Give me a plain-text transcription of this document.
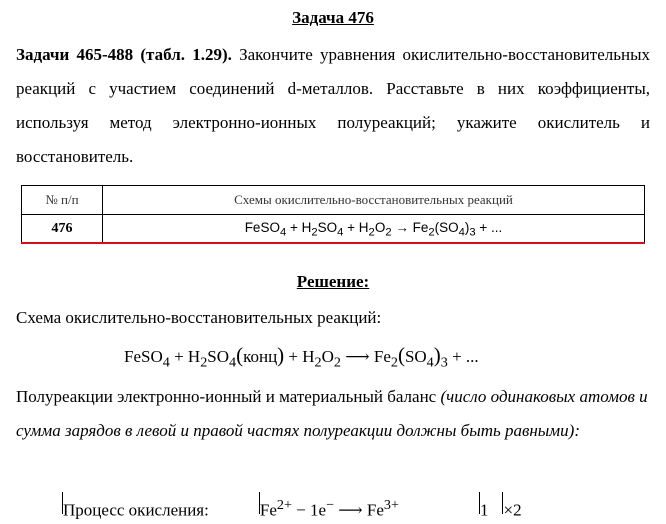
Задача 476
Задачи 465-488 (табл. 1.29). Закончите уравнения окислительно-восстановительных реакций с участием соединений d-металлов. Расставьте в них коэффициенты, используя метод электронно-ионных полуреакций; укажите окислитель и восстановитель.
№ п/п	Схемы окислительно-восстановительных реакций
476	FeSO$_4$ + $H_2SO_4 + H_2O_2 \to Fe_2(SO_4)_3$ + ...
Решение:
Схема окислительно-восстановительных реакций:
FeSO$_4$ + $H_2SO_4(конц) + H_2O_2$ ⟶ $Fe_2(SO_4)_3$ + ...
Полуреакции электронно-ионный и материальный баланс (число одинаковых атомов и сумма зарядов в левой и правой частях полуреакции должны быть равными):
Процесс окисления:	$Fe^{2+} - 1e^-$ ⟶ $Fe^{3+}$	1 ×2
